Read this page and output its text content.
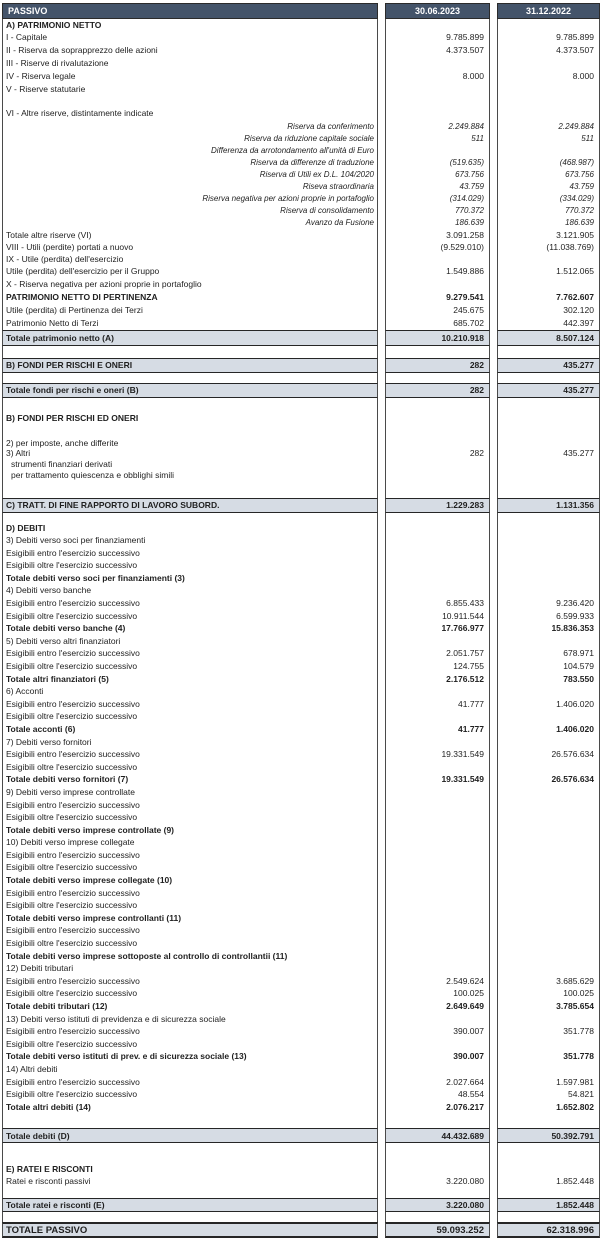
PASSIVO	30.06.2023	31.12.2022
A) PATRIMONIO NETTO
I - Capitale	9.785.899	9.785.899
II - Riserva da soprapprezzo delle azioni	4.373.507	4.373.507
III - Riserve di rivalutazione
IV - Riserva legale	8.000	8.000
V - Riserve statutarie
VI - Altre riserve, distintamente indicate
Riserva da conferimento	2.249.884	2.249.884
Riserva da riduzione capitale sociale	511	511
Differenza da arrotondamento all'unità di Euro
Riserva da differenze di traduzione	(519.635)	(468.987)
Riserva di Utili ex D.L. 104/2020	673.756	673.756
Riseva straordinaria	43.759	43.759
Riserva negativa per azioni proprie in portafoglio	(314.029)	(334.029)
Riserva di consolidamento	770.372	770.372
Avanzo da Fusione	186.639	186.639
Totale altre riserve (VI)	3.091.258	3.121.905
VIII - Utili (perdite) portati a nuovo	(9.529.010)	(11.038.769)
IX - Utile (perdita) dell'esercizio
Utile (perdita) dell'esercizio per il Gruppo	1.549.886	1.512.065
X - Riserva negativa per azioni proprie in portafoglio
PATRIMONIO NETTO DI PERTINENZA	9.279.541	7.762.607
Utile (perdita) di Pertinenza dei Terzi	245.675	302.120
Patrimonio Netto di Terzi	685.702	442.397
Totale patrimonio netto (A)	10.210.918	8.507.124
B) FONDI PER RISCHI E ONERI	282	435.277
Totale fondi per rischi e oneri (B)	282	435.277
B) FONDI PER RISCHI ED ONERI
2) per imposte, anche differite
3) Altri	282	435.277
strumenti finanziari derivati
per trattamento quiescenza e obblighi simili
C) TRATT. DI FINE RAPPORTO DI LAVORO SUBORD.	1.229.283	1.131.356
D) DEBITI
3) Debiti verso soci per finanziamenti
Esigibili entro l'esercizio successivo
Esigibili oltre l'esercizio successivo
Totale debiti verso soci per finanziamenti (3)
4) Debiti verso banche
Esigibili entro l'esercizio successivo	6.855.433	9.236.420
Esigibili oltre l'esercizio successivo	10.911.544	6.599.933
Totale debiti verso banche (4)	17.766.977	15.836.353
5) Debiti verso altri finanziatori
Esigibili entro l'esercizio successivo	2.051.757	678.971
Esigibili oltre l'esercizio successivo	124.755	104.579
Totale altri finanziatori (5)	2.176.512	783.550
6) Acconti
Esigibili entro l'esercizio successivo	41.777	1.406.020
Esigibili oltre l'esercizio successivo
Totale acconti (6)	41.777	1.406.020
7) Debiti verso fornitori
Esigibili entro l'esercizio successivo	19.331.549	26.576.634
Esigibili oltre l'esercizio successivo
Totale debiti verso fornitori (7)	19.331.549	26.576.634
9) Debiti verso imprese controllate
Esigibili entro l'esercizio successivo
Esigibili oltre l'esercizio successivo
Totale debiti verso imprese controllate (9)
10) Debiti verso imprese collegate
Esigibili entro l'esercizio successivo
Esigibili oltre l'esercizio successivo
Totale debiti verso imprese collegate (10)
Esigibili entro l'esercizio successivo
Esigibili oltre l'esercizio successivo
Totale debiti verso imprese controllanti (11)
Esigibili entro l'esercizio successivo
Esigibili oltre l'esercizio successivo
Totale debiti verso imprese sottoposte al controllo di controllantii (11)
12) Debiti tributari
Esigibili entro l'esercizio successivo	2.549.624	3.685.629
Esigibili oltre l'esercizio successivo	100.025	100.025
Totale debiti tributari (12)	2.649.649	3.785.654
13) Debiti verso istituti di previdenza e di sicurezza sociale
Esigibili entro l'esercizio successivo	390.007	351.778
Esigibili oltre l'esercizio successivo
Totale debiti verso istituti di prev. e di sicurezza sociale (13)	390.007	351.778
14) Altri debiti
Esigibili entro l'esercizio successivo	2.027.664	1.597.981
Esigibili oltre l'esercizio successivo	48.554	54.821
Totale altri debiti (14)	2.076.217	1.652.802
Totale debiti (D)	44.432.689	50.392.791
E) RATEI E RISCONTI
Ratei e risconti passivi	3.220.080	1.852.448
Totale ratei e risconti (E)	3.220.080	1.852.448
TOTALE PASSIVO	59.093.252	62.318.996
